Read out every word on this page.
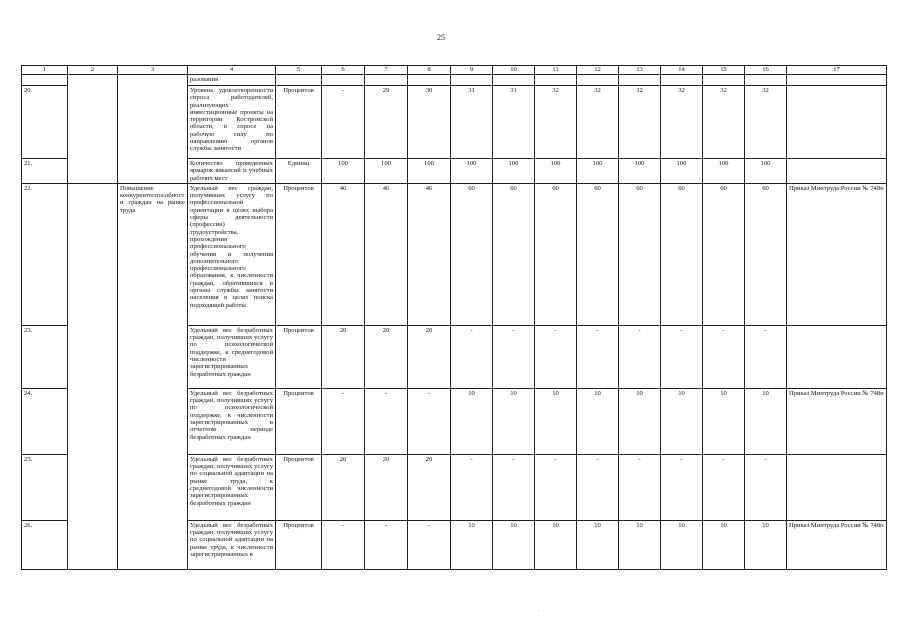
25
1	2	3	4	5	6	7	8	9	10	11	12	13	14	15	16	17
			разования													
20.			Уровень удовлетворенности спроса работодателей, реализующих инвестиционные проекты на территории Костромской области, в спросе на рабочую силу по направлению органов службы занятости	Процентов	-	29	30	31	31	32	32	32	32	32	32	
21.			Количество проведенных ярмарок вакансий и учебных рабочих мест	Единиц	100	100	100	100	100	100	100	100	100	100	100	
22.		Повышение конкурентоспособности граждан на рынке труда	Удельный вес граждан, получивших услугу по профессиональной ориентации в целях выбора сферы деятельности (профессии) трудоустройства, прохождения профессионального обучения и получения дополнительного профессионального образования, к численности граждан, обратившихся в органы службы занятости населения в целях поиска подходящей работы	Процентов	46	46	46	60	60	60	60	60	60	60	60	Приказ Минтруда России № 748н
23.			Удельный вес безработных граждан, получивших услугу по психологической поддержке, к среднегодовой численности зарегистрированных безработных граждан	Процентов	20	20	20	-	-	-	-	-	-	-	-	
24.			Удельный вес безработных граждан, получивших услугу по психологической поддержке, к численности зарегистрированных в отчетном периоде безработных граждан	Процентов	-	-	-	10	10	10	10	10	10	10	10	Приказ Минтруда России № 748н
25.			Удельный вес безработных граждан, получивших услугу по социальной адаптации на рынке труда, к среднегодовой численности зарегистрированных безработных граждан	Процентов	20	20	20	-	-	-	-	-	-	-	-	
26.			Удельный вес безработных граждан, получивших услугу по социальной адаптации на рынке труда, к численности зарегистрированных в	Процентов	-	-	-	10	10	10	10	10	10	10	10	Приказ Минтруда России № 748н
.
